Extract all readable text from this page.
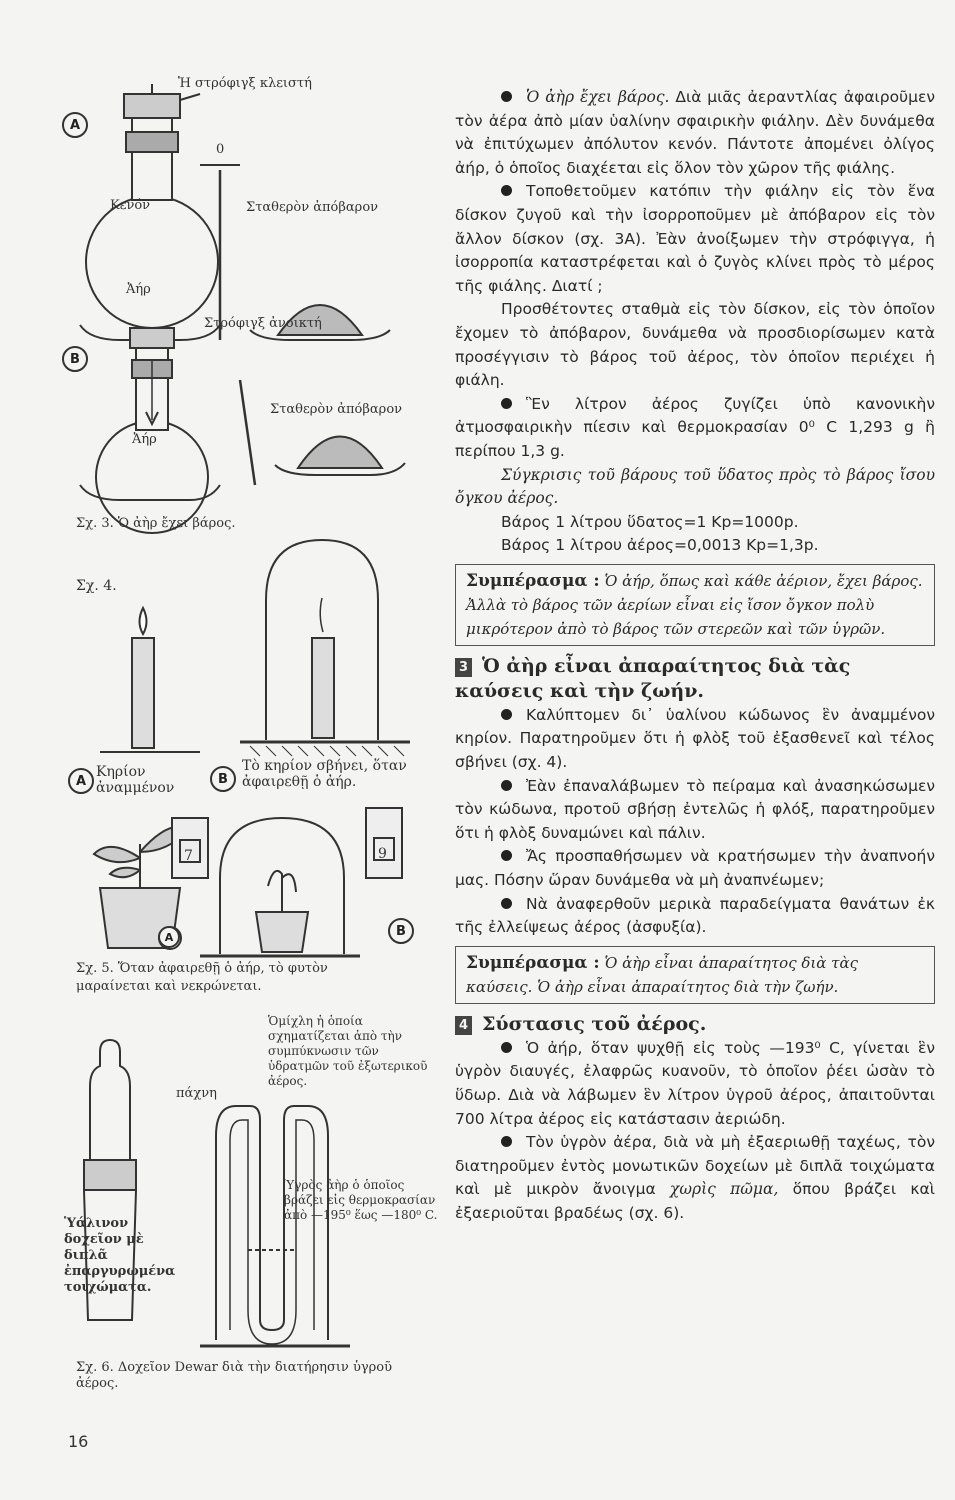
A
B
Ἡ στρόφιγξ κλειστή
0
Κενόν	Σταθερὸν ἀπόβαρον
Ἀήρ
Στρόφιγξ ἀνοικτή
Σταθερὸν ἀπόβαρον
Ἀήρ
Σχ. 3. Ὁ ἀὴρ ἔχει βάρος.
Σχ. 4.
A
Κηρίον ἀναμμένον
B
Τὸ κηρίον σβήνει, ὅταν ἀφαιρεθῇ ὁ ἀήρ.
7	9
A	B
Σχ. 5. Ὅταν ἀφαιρεθῇ ὁ ἀήρ, τὸ φυτὸν μαραίνεται καὶ νεκρώνεται.
Ὁμίχλη ἡ ὁποία σχηματίζεται ἀπὸ τὴν συμπύκνωσιν τῶν ὑδρατμῶν τοῦ ἐξωτερικοῦ ἀέρος.
πάχνη
Ὑγρὸς ἀὴρ ὁ ὁποῖος βράζει εἰς θερμοκρασίαν ἀπὸ —195⁰ ἕως —180⁰ C.
Ὑάλινον δοχεῖον μὲ διπλᾶ ἐπαργυρωμένα τοιχώματα.
Σχ. 6. Δοχεῖον Dewar διὰ τὴν διατήρησιν ὑγροῦ ἀέρος.

Ὁ ἀὴρ ἔχει βάρος. Διὰ μιᾶς ἀεραντλίας ἀφαιροῦμεν τὸν ἀέρα ἀπὸ μίαν ὑαλίνην σφαιρικὴν φιάλην. Δὲν δυνάμεθα νὰ ἐπιτύχωμεν ἀπόλυτον κενόν. Πάντοτε ἀπομένει ὀλίγος ἀήρ, ὁ ὁποῖος διαχέεται εἰς ὅλον τὸν χῶρον τῆς φιάλης.

Τοποθετοῦμεν κατόπιν τὴν φιάλην εἰς τὸν ἕνα δίσκον ζυγοῦ καὶ τὴν ἰσορροποῦμεν μὲ ἀπόβαρον εἰς τὸν ἄλλον δίσκον (σχ. 3Α). Ἐὰν ἀνοίξωμεν τὴν στρόφιγγα, ἡ ἰσορροπία καταστρέφεται καὶ ὁ ζυγὸς κλίνει πρὸς τὸ μέρος τῆς φιάλης. Διατί ;

Προσθέτοντες σταθμὰ εἰς τὸν δίσκον, εἰς τὸν ὁποῖον ἔχομεν τὸ ἀπόβαρον, δυνάμεθα νὰ προσδιορίσωμεν κατὰ προσέγγισιν τὸ βάρος τοῦ ἀέρος, τὸν ὁποῖον περιέχει ἡ φιάλη.

Ἓν λίτρον ἀέρος ζυγίζει ὑπὸ κανονικὴν ἀτμοσφαιρικὴν πίεσιν καὶ θερμοκρασίαν 0⁰ C 1,293 g ἢ περίπου 1,3 g.

Σύγκρισις τοῦ βάρους τοῦ ὕδατος πρὸς τὸ βάρος ἴσου ὄγκου ἀέρος.

Βάρος 1 λίτρου ὕδατος=1 Kp=1000p.

Βάρος 1 λίτρου ἀέρος=0,0013 Kp=1,3p.

Συμπέρασμα : Ὁ ἀήρ, ὅπως καὶ κάθε ἀέριον, ἔχει βάρος. Ἀλλὰ τὸ βάρος τῶν ἀερίων εἶναι εἰς ἴσον ὄγκον πολὺ μικρότερον ἀπὸ τὸ βάρος τῶν στερεῶν καὶ τῶν ὑγρῶν.
3 Ὁ ἀὴρ εἶναι ἀπαραίτητος διὰ τὰς καύσεις καὶ τὴν ζωήν.

Καλύπτομεν δι᾽ ὑαλίνου κώδωνος ἓν ἀναμμένον κηρίον. Παρατηροῦμεν ὅτι ἡ φλὸξ τοῦ ἐξασθενεῖ καὶ τέλος σβήνει (σχ. 4).

Ἐὰν ἐπαναλάβωμεν τὸ πείραμα καὶ ἀνασηκώσωμεν τὸν κώδωνα, προτοῦ σβήσῃ ἐντελῶς ἡ φλόξ, παρατηροῦμεν ὅτι ἡ φλὸξ δυναμώνει καὶ πάλιν.

Ἄς προσπαθήσωμεν νὰ κρατήσωμεν τὴν ἀναπνοήν μας. Πόσην ὥραν δυνάμεθα νὰ μὴ ἀναπνέωμεν;

Νὰ ἀναφερθοῦν μερικὰ παραδείγματα θανάτων ἐκ τῆς ἐλλείψεως ἀέρος (ἀσφυξία).

Συμπέρασμα : Ὁ ἀὴρ εἶναι ἀπαραίτητος διὰ τὰς καύσεις. Ὁ ἀὴρ εἶναι ἀπαραίτητος διὰ τὴν ζωήν.
4 Σύστασις τοῦ ἀέρος.

Ὁ ἀήρ, ὅταν ψυχθῇ εἰς τοὺς —193⁰ C, γίνεται ἓν ὑγρὸν διαυγές, ἐλαφρῶς κυανοῦν, τὸ ὁποῖον ῥέει ὡσὰν τὸ ὕδωρ. Διὰ νὰ λάβωμεν ἓν λίτρον ὑγροῦ ἀέρος, ἀπαιτοῦνται 700 λίτρα ἀέρος εἰς κατάστασιν ἀεριώδη.

Τὸν ὑγρὸν ἀέρα, διὰ νὰ μὴ ἐξαεριωθῇ ταχέως, τὸν διατηροῦμεν ἐντὸς μονωτικῶν δοχείων μὲ διπλᾶ τοιχώματα καὶ μὲ μικρὸν ἄνοιγμα χωρὶς πῶμα, ὅπου βράζει καὶ ἐξαεριοῦται βραδέως (σχ. 6).

16
